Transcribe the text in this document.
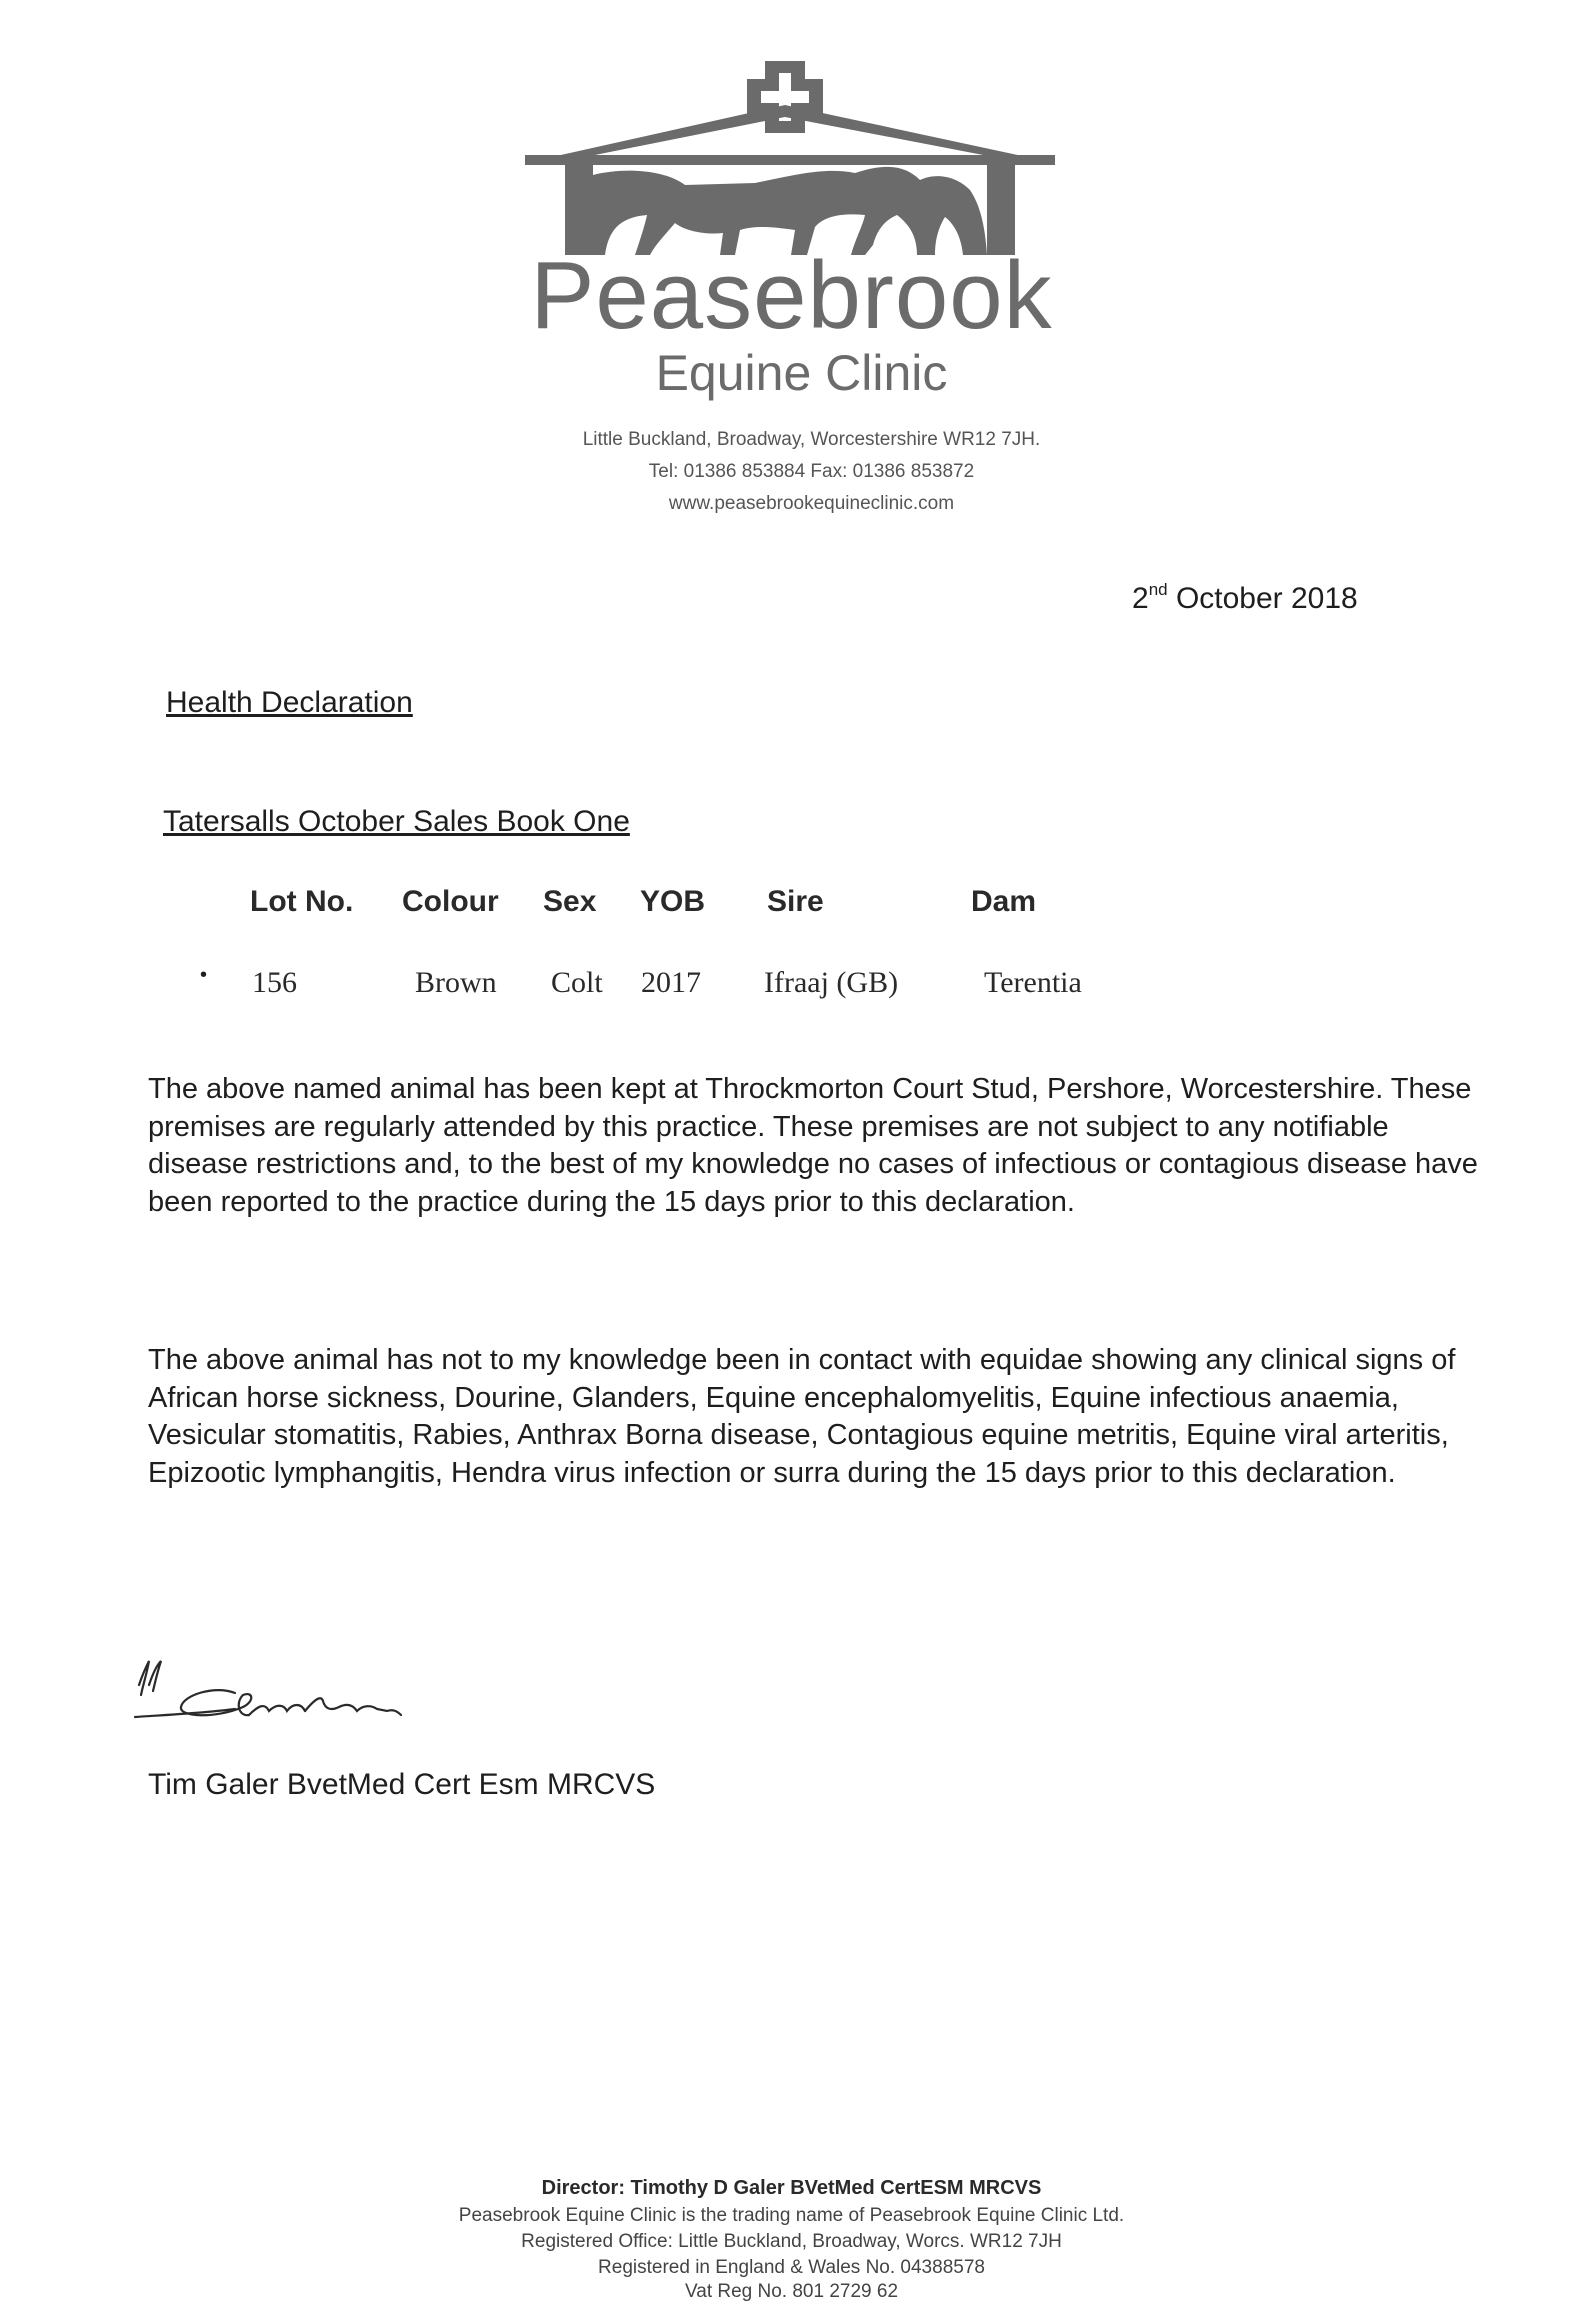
Peasebrook
Equine Clinic
Little Buckland, Broadway, Worcestershire WR12 7JH.
Tel: 01386 853884 Fax: 01386 853872
www.peasebrookequineclinic.com
2nd October 2018
Health Declaration
Tatersalls October Sales Book One
Lot No. Colour Sex YOB Sire	Dam
• 156	Brown Colt 2017 Ifraaj (GB)	Terentia

The above named animal has been kept at Throckmorton Court Stud, Pershore, Worcestershire. These premises are regularly attended by this practice. These premises are not subject to any notifiable disease restrictions and, to the best of my knowledge no cases of infectious or contagious disease have been reported to the practice during the 15 days prior to this declaration.

The above animal has not to my knowledge been in contact with equidae showing any clinical signs of African horse sickness, Dourine, Glanders, Equine encephalomyelitis, Equine infectious anaemia, Vesicular stomatitis, Rabies, Anthrax Borna disease, Contagious equine metritis, Equine viral arteritis, Epizootic lymphangitis, Hendra virus infection or surra during the 15 days prior to this declaration.

Tim Galer BvetMed Cert Esm MRCVS
Director: Timothy D Galer BVetMed CertESM MRCVS
Peasebrook Equine Clinic is the trading name of Peasebrook Equine Clinic Ltd.
Registered Office: Little Buckland, Broadway, Worcs. WR12 7JH
Registered in England & Wales No. 04388578
Vat Reg No. 801 2729 62
